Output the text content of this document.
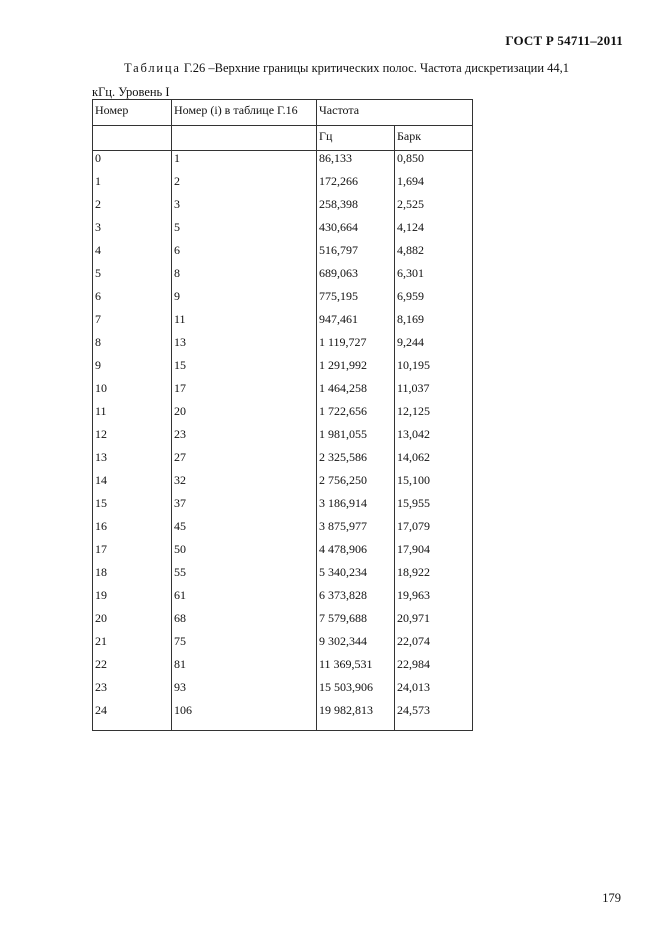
ГОСТ Р 54711–2011
Таблица Г.26 –Верхние границы критических полос. Частота дискретизации 44,1
кГц. Уровень I
Номер	Номер (i) в таблице Г.16	Частота	
		Гц	Барк
0	1	86,133	0,850
1	2	172,266	1,694
2	3	258,398	2,525
3	5	430,664	4,124
4	6	516,797	4,882
5	8	689,063	6,301
6	9	775,195	6,959
7	11	947,461	8,169
8	13	1 119,727	9,244
9	15	1 291,992	10,195
10	17	1 464,258	11,037
11	20	1 722,656	12,125
12	23	1 981,055	13,042
13	27	2 325,586	14,062
14	32	2 756,250	15,100
15	37	3 186,914	15,955
16	45	3 875,977	17,079
17	50	4 478,906	17,904
18	55	5 340,234	18,922
19	61	6 373,828	19,963
20	68	7 579,688	20,971
21	75	9 302,344	22,074
22	81	11 369,531	22,984
23	93	15 503,906	24,013
24	106	19 982,813	24,573
179
